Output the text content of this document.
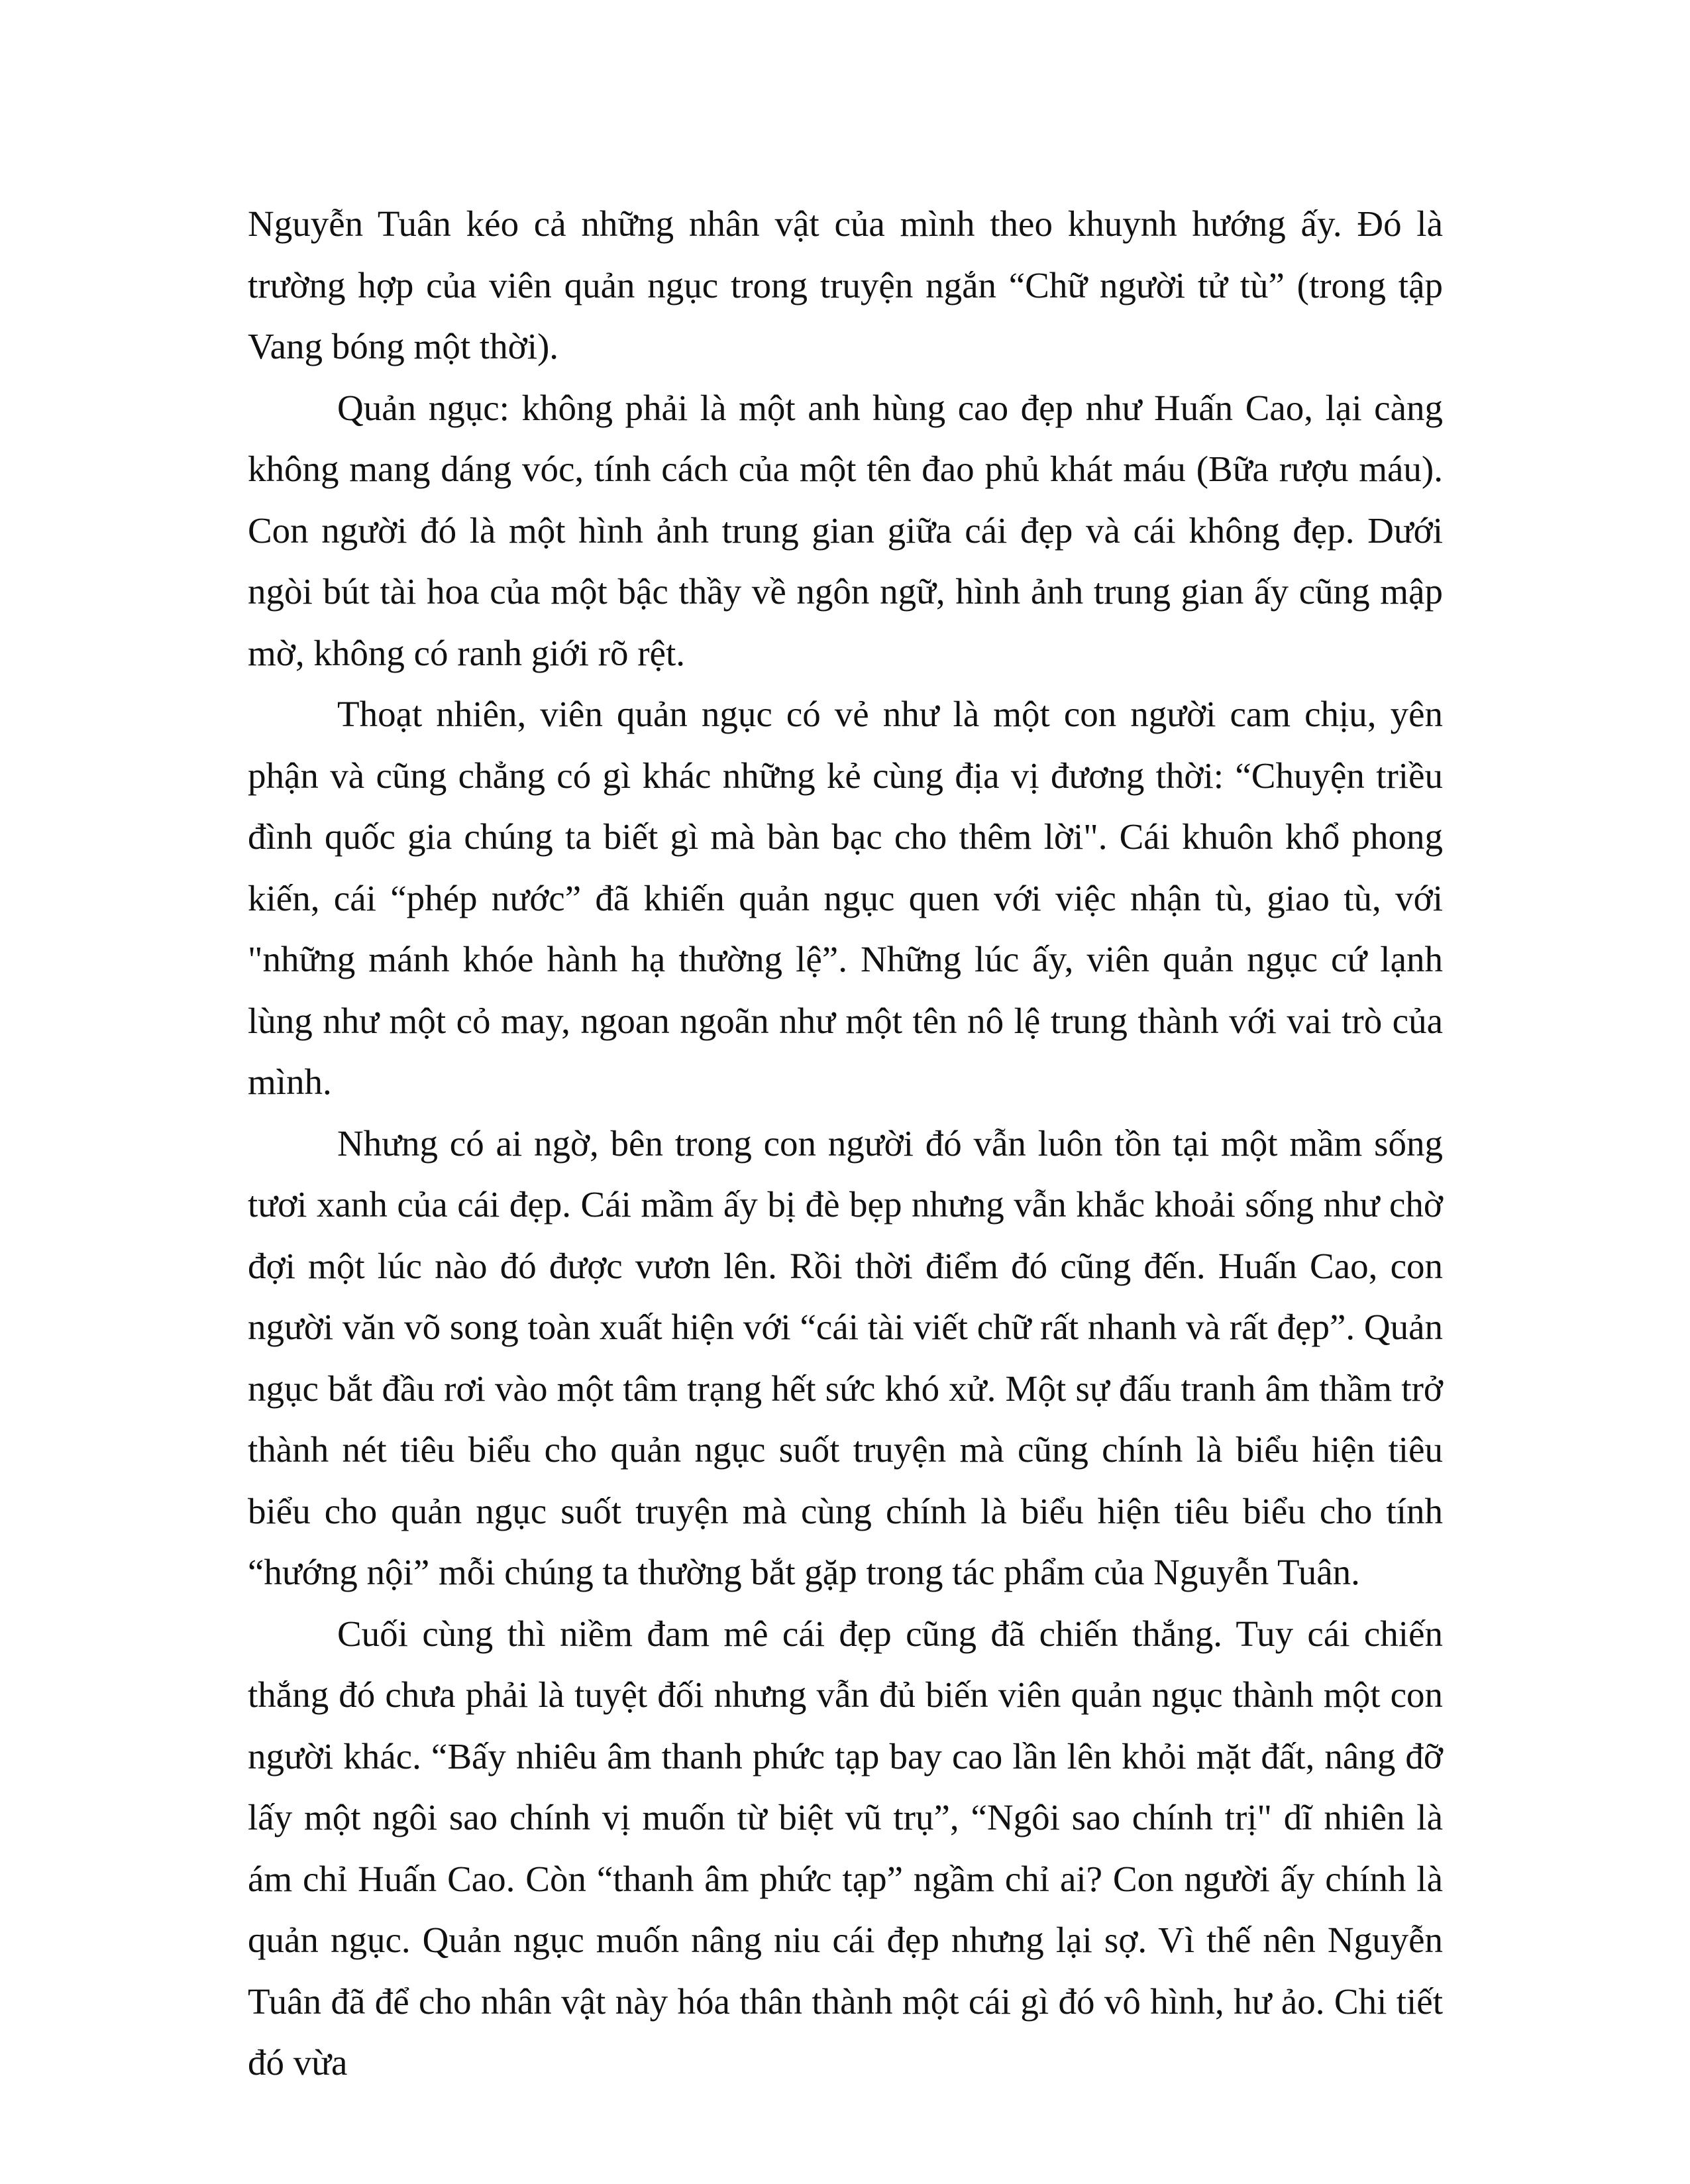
Nguyễn Tuân kéo cả những nhân vật của mình theo khuynh hướng ấy. Đó là trường hợp của viên quản ngục trong truyện ngắn “Chữ người tử tù” (trong tập Vang bóng một thời).

Quản ngục: không phải là một anh hùng cao đẹp như Huấn Cao, lại càng không mang dáng vóc, tính cách của một tên đao phủ khát máu (Bữa rượu máu). Con người đó là một hình ảnh trung gian giữa cái đẹp và cái không đẹp. Dưới ngòi bút tài hoa của một bậc thầy về ngôn ngữ, hình ảnh trung gian ấy cũng mập mờ, không có ranh giới rõ rệt.

Thoạt nhiên, viên quản ngục có vẻ như là một con người cam chịu, yên phận và cũng chẳng có gì khác những kẻ cùng địa vị đương thời: “Chuyện triều đình quốc gia chúng ta biết gì mà bàn bạc cho thêm lời". Cái khuôn khổ phong kiến, cái “phép nước” đã khiến quản ngục quen với việc nhận tù, giao tù, với "những mánh khóe hành hạ thường lệ”. Những lúc ấy, viên quản ngục cứ lạnh lùng như một cỏ may, ngoan ngoãn như một tên nô lệ trung thành với vai trò của mình.

Nhưng có ai ngờ, bên trong con người đó vẫn luôn tồn tại một mầm sống tươi xanh của cái đẹp. Cái mầm ấy bị đè bẹp nhưng vẫn khắc khoải sống như chờ đợi một lúc nào đó được vươn lên. Rồi thời điểm đó cũng đến. Huấn Cao, con người văn võ song toàn xuất hiện với “cái tài viết chữ rất nhanh và rất đẹp”. Quản ngục bắt đầu rơi vào một tâm trạng hết sức khó xử. Một sự đấu tranh âm thầm trở thành nét tiêu biểu cho quản ngục suốt truyện mà cũng chính là biểu hiện tiêu biểu cho quản ngục suốt truyện mà cùng chính là biểu hiện tiêu biểu cho tính “hướng nội” mỗi chúng ta thường bắt gặp trong tác phẩm của Nguyễn Tuân.

Cuối cùng thì niềm đam mê cái đẹp cũng đã chiến thắng. Tuy cái chiến thắng đó chưa phải là tuyệt đối nhưng vẫn đủ biến viên quản ngục thành một con người khác. “Bấy nhiêu âm thanh phức tạp bay cao lần lên khỏi mặt đất, nâng đỡ lấy một ngôi sao chính vị muốn từ biệt vũ trụ”, “Ngôi sao chính trị" dĩ nhiên là ám chỉ Huấn Cao. Còn “thanh âm phức tạp” ngầm chỉ ai? Con người ấy chính là quản ngục. Quản ngục muốn nâng niu cái đẹp nhưng lại sợ. Vì thế nên Nguyễn Tuân đã để cho nhân vật này hóa thân thành một cái gì đó vô hình, hư ảo. Chi tiết đó vừa
